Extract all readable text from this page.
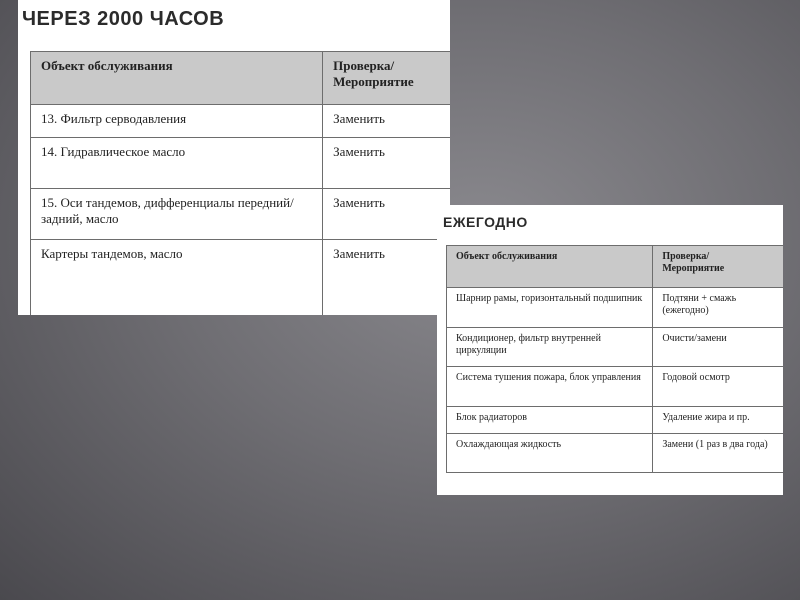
ЧЕРЕЗ 2000 ЧАСОВ
Объект обслуживания	Проверка/
Мероприятие
13. Фильтр серводавления	Заменить
14. Гидравлическое масло	Заменить
15. Оси тандемов, дифференциалы передний/задний, масло	Заменить
Картеры тандемов, масло	Заменить
ЕЖЕГОДНО
Объект обслуживания	Проверка/
Мероприятие
Шарнир рамы, горизонтальный подшипник	Подтяни + смажь (ежегодно)
Кондиционер, фильтр внутренней циркуляции	Очисти/замени
Система тушения пожара, блок управления	Годовой осмотр
Блок радиаторов	Удаление жира и пр.
Охлаждающая жидкость	Замени (1 раз в два года)
